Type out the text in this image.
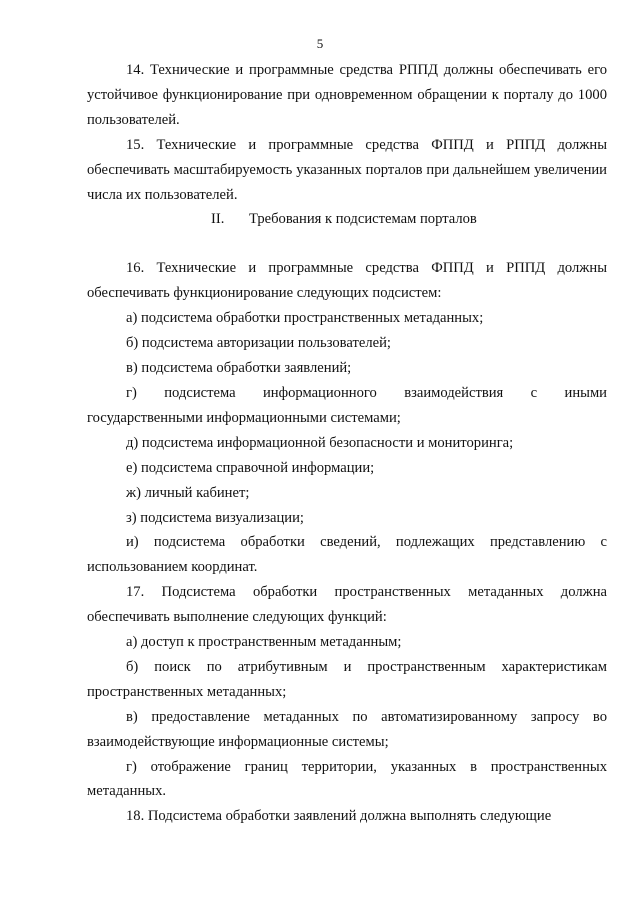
5

14. Технические и программные средства РППД должны обеспечивать его устойчивое функционирование при одновременном обращении к порталу до 1000 пользователей.

15. Технические и программные средства ФППД и РППД должны обеспечивать масштабируемость указанных порталов при дальнейшем увеличении числа их пользователей.

II. Требования к подсистемам порталов

16. Технические и программные средства ФППД и РППД должны обеспечивать функционирование следующих подсистем:

а) подсистема обработки пространственных метаданных;

б) подсистема авторизации пользователей;

в) подсистема обработки заявлений;

г) подсистема информационного взаимодействия с иными государственными информационными системами;

д) подсистема информационной безопасности и мониторинга;

е) подсистема справочной информации;

ж) личный кабинет;

з) подсистема визуализации;

и) подсистема обработки сведений, подлежащих представлению с использованием координат.

17. Подсистема обработки пространственных метаданных должна обеспечивать выполнение следующих функций:

а) доступ к пространственным метаданным;

б) поиск по атрибутивным и пространственным характеристикам пространственных метаданных;

в) предоставление метаданных по автоматизированному запросу во взаимодействующие информационные системы;

г) отображение границ территории, указанных в пространственных метаданных.

18. Подсистема обработки заявлений должна выполнять следующие
